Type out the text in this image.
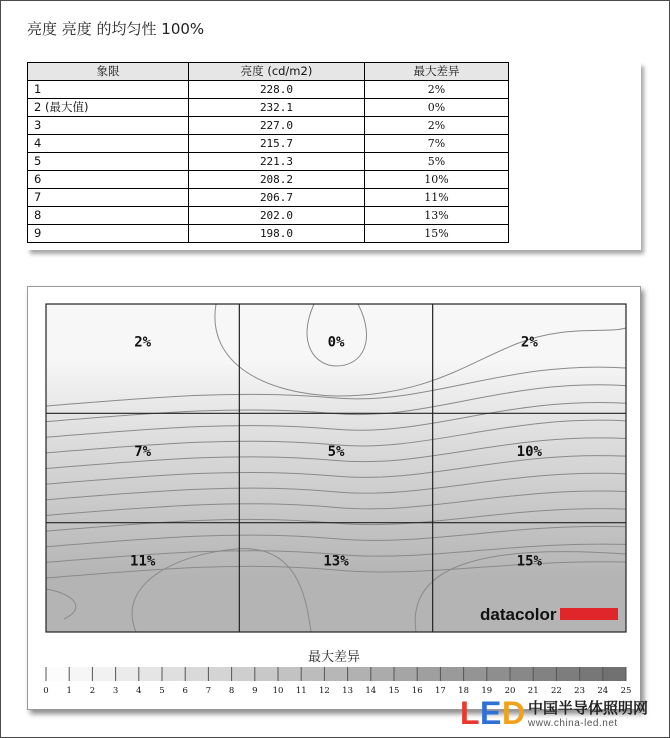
亮度 亮度 的均匀性 100%
象限	亮度 (cd/m2)	最大差异
1	228.0	2%
2 (最大值)	232.1	0%
3	227.0	2%
4	215.7	7%
5	221.3	5%
6	208.2	10%
7	206.7	11%
8	202.0	13%
9	198.0	15%
2%	0%	2%
7%	5%	10%
11%	13%	15%
datacolor
最大差异
0 1 2 3 4 5 6 7 8 9 10 11 12 13 14 15 16 17 18 19 20 21 22 23 24 25
L E D 中国半导体照明网
www.china-led.net
